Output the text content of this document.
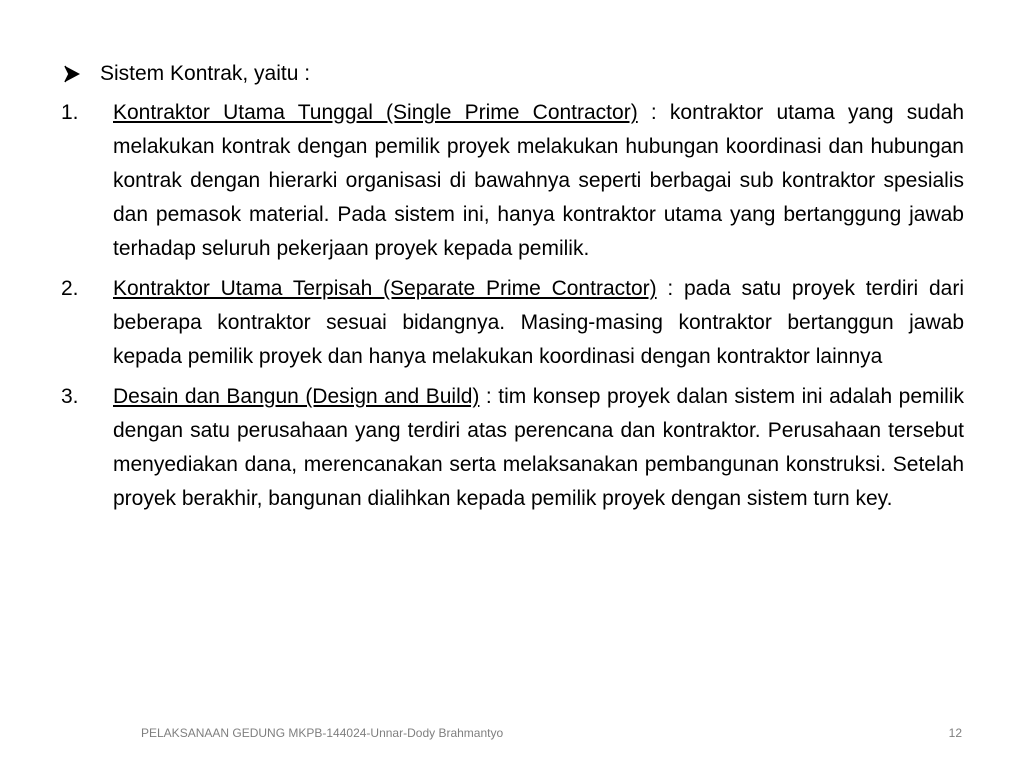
Sistem Kontrak, yaitu :
1.	Kontraktor Utama Tunggal (Single Prime Contractor) : kontraktor utama yang sudah melakukan kontrak dengan pemilik proyek melakukan hubungan koordinasi dan hubungan kontrak dengan hierarki organisasi di bawahnya seperti berbagai sub kontraktor spesialis dan pemasok material. Pada sistem ini, hanya kontraktor utama yang bertanggung jawab terhadap seluruh pekerjaan proyek kepada pemilik.
2.	Kontraktor Utama Terpisah (Separate Prime Contractor) : pada satu proyek terdiri dari beberapa kontraktor sesuai bidangnya. Masing-masing kontraktor bertanggun jawab kepada pemilik proyek dan hanya melakukan koordinasi dengan kontraktor lainnya
3.	Desain dan Bangun (Design and Build) : tim konsep proyek dalan sistem ini adalah pemilik dengan satu perusahaan yang terdiri atas perencana dan kontraktor. Perusahaan tersebut menyediakan dana, merencanakan serta melaksanakan pembangunan konstruksi. Setelah proyek berakhir, bangunan dialihkan kepada pemilik proyek dengan sistem turn key.
PELAKSANAAN GEDUNG MKPB-144024-Unnar-Dody Brahmantyo	12
